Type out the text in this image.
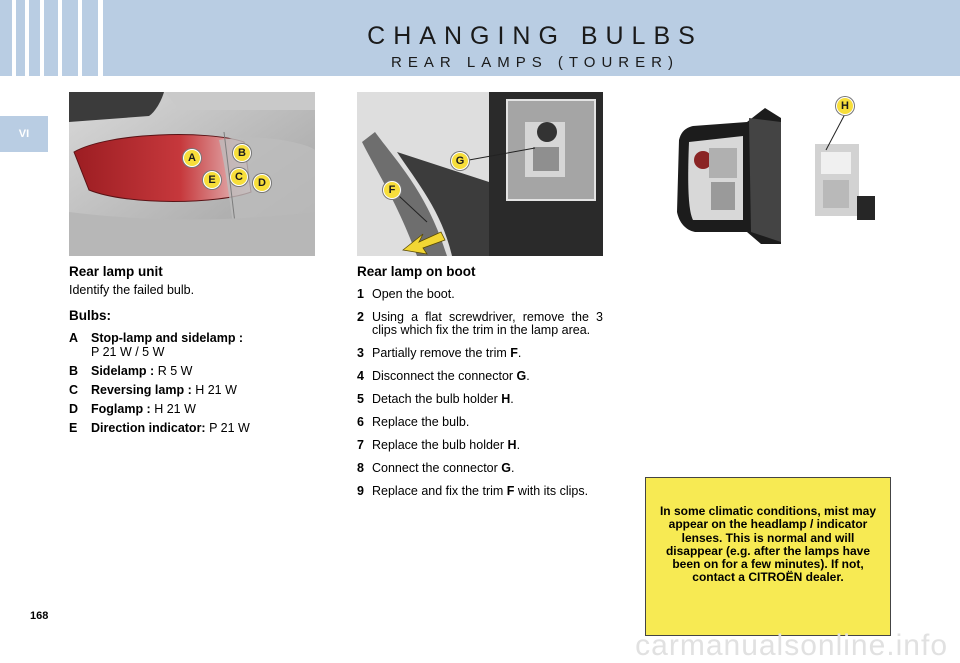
CHANGING BULBS
REAR LAMPS (TOURER)
VI
A	B
C	D
E
G
F
H
Rear lamp unit
Identify the failed bulb.
Bulbs:
A	Stop-lamp and sidelamp :
P 21 W / 5 W
B	Sidelamp : R 5 W
C	Reversing lamp : H 21 W
D	Foglamp : H 21 W
E	Direction indicator: P 21 W
Rear lamp on boot
1 Open the boot.
2 Using a flat screwdriver, remove the 3 clips which fix the trim in the lamp area.
3 Partially remove the trim F.
4 Disconnect the connector G.
5 Detach the bulb holder H.
6 Replace the bulb.
7 Replace the bulb holder H.
8 Connect the connector G.
9 Replace and fix the trim F with its clips.

In some climatic conditions, mist may appear on the headlamp / indicator lenses. This is normal and will disappear (e.g. after the lamps have been on for a few minutes). If not, contact a CITROËN dealer.

168
carmanualsonline.info
